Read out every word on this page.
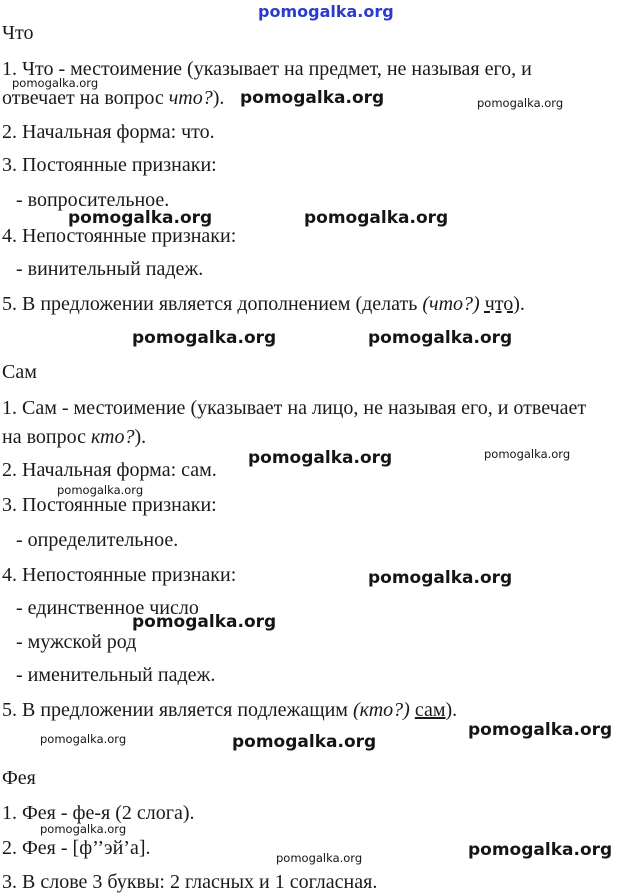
Что
1. Что - местоимение (указывает на предмет, не называя его, и
отвечает на вопрос что?).
2. Начальная форма: что.
3. Постоянные признаки:
- вопросительное.
4. Непостоянные признаки:
- винительный падеж.
5. В предложении является дополнением (делать (что?) что).
Сам
1. Сам - местоимение (указывает на лицо, не называя его, и отвечает
на вопрос кто?).
2. Начальная форма: сам.
3. Постоянные признаки:
- определительное.
4. Непостоянные признаки:
- единственное число
- мужской род
- именительный падеж.
5. В предложении является подлежащим (кто?) сам).
Фея
1. Фея - фе-я (2 слога).
2. Фея - [ф’’эй’а].
3. В слове 3 буквы: 2 гласных и 1 согласная.
pomogalka.org
pomogalka.org
pomogalka.org	pomogalka.org
pomogalka.org	pomogalka.org
pomogalka.org	pomogalka.org
pomogalka.org	pomogalka.org
pomogalka.org
pomogalka.org
pomogalka.org
pomogalka.org
pomogalka.org	pomogalka.org
pomogalka.org
pomogalka.org
pomogalka.org
